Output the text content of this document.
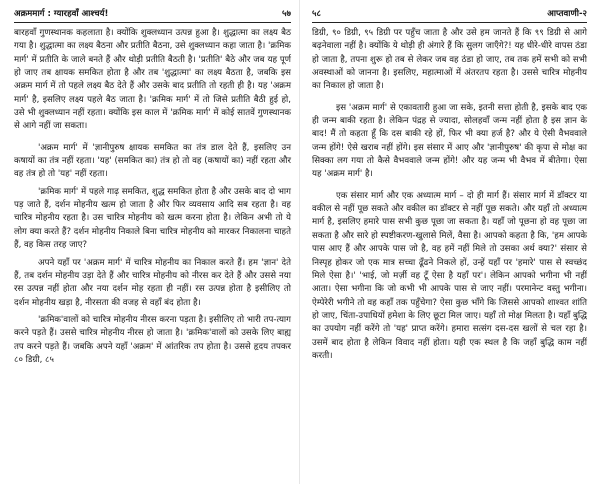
अक्रममार्ग : ग्यारहवाँ आश्चर्य!	५७

बारहवाँ गुणस्थानक कहलाता है। क्योंकि शुक्लध्यान उत्पन्न हुआ है। शुद्धात्मा का लक्ष्य बैठ गया है। शुद्धात्मा का लक्ष्य बैठना और प्रतीति बैठना, उसे शुक्लध्यान कहा जाता है। 'क्रमिक मार्ग' में प्रतीति के जाले बनते हैं और थोड़ी प्रतीति बैठती है। 'प्रतीति' बैठे और जब यह पूर्ण हो जाए तब क्षायक समकित होता है और तब 'शुद्धात्मा' का लक्ष्य बैठता है, जबकि इस अक्रम मार्ग में तो पहले लक्ष्य बैठ देते हैं और उसके बाद प्रतीति तो रहती ही है। यह 'अक्रम मार्ग' है, इसलिए लक्ष्य पहले बैठ जाता है। 'क्रमिक मार्ग' में तो जिसे प्रतीति बैठी हुई हो, उसे भी शुक्लध्यान नहीं रहता। क्योंकि इस काल में 'क्रमिक मार्ग' में कोई सातवें गुणस्थानक से आगे नहीं जा सकता।

'अक्रम मार्ग' में 'ज्ञानीपुरुष क्षायक समकित का तंत्र डाल देते हैं, इसलिए उन कषायों का तंत्र नहीं रहता। 'यह' (समकित का) तंत्र हो तो वह (कषायों का) नहीं रहता और वह तंत्र हो तो 'यह' नहीं रहता।

'क्रमिक मार्ग' में पहले गाढ़ समकित, शुद्ध समकित होता है और उसके बाद दो भाग पड़ जाते हैं, दर्शन मोहनीय खत्म हो जाता है और फिर व्यवसाय आदि सब रहता है। वह चारित्र मोहनीय रहता है। उस चारित्र मोहनीय को खत्म करना होता है। लेकिन अभी तो ये लोग क्या करते हैं? दर्शन मोहनीय निकाले बिना चारित्र मोहनीय को मारकर निकालना चाहते हैं, वह किस तरह जाए?

अपने यहाँ पर 'अक्रम मार्ग' में चारित्र मोहनीय का निकाल करते हैं। हम 'ज्ञान' देते हैं, तब दर्शन मोहनीय उड़ा देते हैं और चारित्र मोहनीय को नीरस कर देते हैं और उससे नया रस उत्पन्न नहीं होता और नया दर्शन मोह रहता ही नहीं। रस उत्पन्न होता है इसीलिए तो दर्शन मोहनीय खड़ा है, नीरसता की वजह से वहाँ बंद होता है।

'क्रमिक'वालों को चारित्र मोहनीय नीरस करना पड़ता है। इसीलिए तो भारी तप-त्याग करने पड़ते हैं। उससे चारित्र मोहनीय नीरस हो जाता है। 'क्रमिक'वालों को उसके लिए बाह्य तप करने पड़ते हैं। जबकि अपने यहाँ 'अक्रम' में आंतरिक तप होता है। उससे हृदय तपकर ८० डिग्री, ८५

५८	आप्तवाणी-२

डिग्री, ९० डिग्री, ९५ डिग्री पर पहुँच जाता है और उसे हम जानते हैं कि ९९ डिग्री से आगे बढ़नेवाला नहीं है। क्योंकि ये थोड़ी ही अंगारे हैं कि सुलग जाएँगे?! यह धीरे-धीरे वापस ठंडा हो जाता है, तपना शुरू हो तब से लेकर जब वह ठंडा हो जाए, तब तक हमें सभी को सभी अवस्थाओं को जानना है। इसलिए, महात्माओं में अंतरतप रहता है। उससे चारित्र मोहनीय का निकाल हो जाता है।

इस 'अक्रम मार्ग' से एकावतारी हुआ जा सके, इतनी सत्ता होती है, इसके बाद एक ही जन्म बाकी रहता है। लेकिन पंद्रह से ज्यादा, सोलहवाँ जन्म नहीं होता है इस ज्ञान के बाद! मैं तो कहता हूँ कि दस बाकी रहे हों, फिर भी क्या हर्ज है? और ये ऐसी वैभववाले जन्म होंगे! ऐसे खराब नहीं होंगे। इस संसार में आए और 'ज्ञानीपुरुष' की कृपा से मोक्ष का सिक्का लग गया तो कैसे वैभववाले जन्म होंगे! और यह जन्म भी वैभव में बीतेगा। ऐसा यह 'अक्रम मार्ग' है।

एक संसार मार्ग और एक अध्यात्म मार्ग – दो ही मार्ग हैं। संसार मार्ग में डॉक्टर या वकील से नहीं पूछ सकते और वकील का डॉक्टर से नहीं पूछ सकते। और यहाँ तो अध्यात्म मार्ग है, इसलिए हमारे पास सभी कुछ पूछा जा सकता है। यहाँ जो पूछना हो वह पूछा जा सकता है और सारे हो स्पष्टीकरण-खुलासे मिलें, वैसा है। आपको कहता है कि, 'हम आपके पास आए हैं और आपके पास जो है, वह हमें नहीं मिले तो उसका अर्थ क्या?' संसार से निस्पृह होकर जो एक मात्र सच्चा ढूँढने निकले हों, उन्हें यहाँ पर 'हमारे' पास से स्वच्छंद मिले ऐसा है।' 'भाई, जो मर्ज़ी वह टूँ ऐसा है यहाँ पर'। लेकिन आपको भगीना भी नहीं आता। ऐसा भगीना कि जो कभी भी आपके पास से जाए नहीं। परमानेन्ट वस्तु भगीना। ऐम्पेरेरी भगीने तो वह कहाँ तक पहुँचेगा? ऐसा कुछ भाँगे कि जिससे आपको शाश्वत शांति हो जाए, चिंता-उपाधियों हमेशा के लिए छूटा मिल जाए। यहाँ तो मोक्ष मिलता है। यहाँ बुद्धि का उपयोग नहीं करेंगे तो 'यह' प्राप्त करेंगे। हमारा सत्संग दस-दस खलों से चल रहा है। उसमें बाद होता है लेकिन विवाद नहीं होता। यही एक स्थल है कि जहाँ बुद्धि काम नहीं करती।
